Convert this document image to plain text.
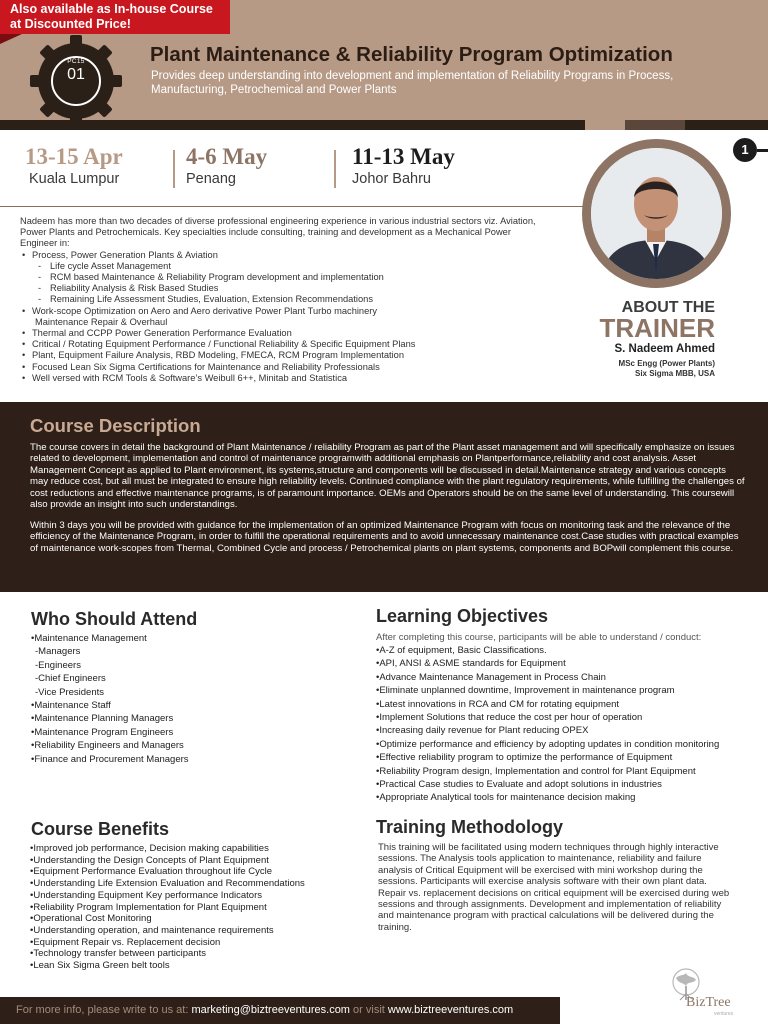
Also available as In-house Course
at Discounted Price!
PC15
01
Plant Maintenance & Reliability Program Optimization
Provides deep understanding into development and implementation of Reliability Programs in Process, Manufacturing, Petrochemical and Power Plants
13-15 Apr
Kuala Lumpur
4-6 May
Penang
11-13 May
Johor Bahru
1
ABOUT THE
TRAINER
S. Nadeem Ahmed
MSc Engg (Power Plants)
Six Sigma MBB, USA
Nadeem has more than two decades of diverse professional engineering experience in various industrial sectors viz. Aviation, Power Plants and Petrochemicals. Key specialties include consulting, training and development as a Mechanical Power Engineer in:
• Process, Power Generation Plants & Aviation
- Life cycle Asset Management
- RCM based Maintenance & Reliability Program development and implementation
- Reliability Analysis & Risk Based Studies
- Remaining Life Assessment Studies, Evaluation, Extension Recommendations
• Work-scope Optimization on Aero and Aero derivative Power Plant Turbo machinery
Maintenance Repair & Overhaul
• Thermal and CCPP Power Generation Performance Evaluation
• Critical / Rotating Equipment Performance / Functional Reliability & Specific Equipment Plans
• Plant, Equipment Failure Analysis, RBD Modeling, FMECA, RCM Program Implementation
• Focused Lean Six Sigma Certifications for Maintenance and Reliability Professionals
• Well versed with RCM Tools & Software’s Weibull 6++, Minitab and Statistica
Course Description
The course covers in detail the background of Plant Maintenance / reliability Program as part of the Plant asset management and will specifically emphasize on issues related to development, implementation and control of maintenance programwith additional emphasis on Plantperformance,reliability and cost analysis. Asset Management Concept as applied to Plant environment, its systems,structure and components will be discussed in detail.Maintenance strategy and various concepts may reduce cost, but all must be integrated to ensure high reliability levels. Continued compliance with the plant regulatory requirements, while fulfilling the challenges of cost reductions and effective maintenance programs, is of paramount importance. OEMs and Operators should be on the same level of understanding. This coursewill also provide an insight into such understandings.
Within 3 days you will be provided with guidance for the implementation of an optimized Maintenance Program with focus on monitoring task and the relevance of the efficiency of the Maintenance Program, in order to fulfill the operational requirements and to avoid unnecessary maintenance cost.Case studies with practical examples of maintenance work-scopes from Thermal, Combined Cycle and process / Petrochemical plants on plant systems, components and BOPwill complement this course.
Who Should Attend
• Maintenance Management
-Managers
-Engineers
-Chief Engineers
-Vice Presidents
• Maintenance Staff
• Maintenance Planning Managers
• Maintenance Program Engineers
• Reliability Engineers and Managers
• Finance and Procurement Managers
Learning Objectives
After completing this course, participants will be able to understand / conduct:
• A-Z of equipment, Basic Classifications.
• API, ANSI & ASME standards for Equipment
• Advance Maintenance Management in Process Chain
• Eliminate unplanned downtime, Improvement in maintenance program
• Latest innovations in RCA and CM for rotating equipment
• Implement Solutions that reduce the cost per hour of operation
• Increasing daily revenue for Plant reducing OPEX
• Optimize performance and efficiency by adopting updates in condition monitoring
• Effective reliability program to optimize the performance of Equipment
• Reliability Program design, Implementation and control for Plant Equipment
• Practical Case studies to Evaluate and adopt solutions in industries
• Appropriate Analytical tools for maintenance decision making
Course Benefits
• Improved job performance, Decision making capabilities
• Understanding the Design Concepts of Plant Equipment
• Equipment Performance Evaluation throughout life Cycle
• Understanding Life Extension Evaluation and Recommendations
• Understanding Equipment Key performance Indicators
• Reliability Program Implementation for Plant Equipment
• Operational Cost Monitoring
• Understanding operation, and maintenance requirements
• Equipment Repair vs. Replacement decision
• Technology transfer between participants
• Lean Six Sigma Green belt tools
Training Methodology
This training will be facilitated using modern techniques through highly interactive sessions. The Analysis tools application to maintenance, reliability and failure analysis of Critical Equipment will be exercised with mini workshop during the sessions. Participants will exercise analysis software with their own plant data. Repair vs. replacement decisions on critical equipment will be exercised during web sessions and through assignments. Development and implementation of reliability and maintenance program with practical calculations will be delivered during the training.
For more info, please write to us at: marketing@biztreeventures.com or visit www.biztreeventures.com	BizTree
ventures
